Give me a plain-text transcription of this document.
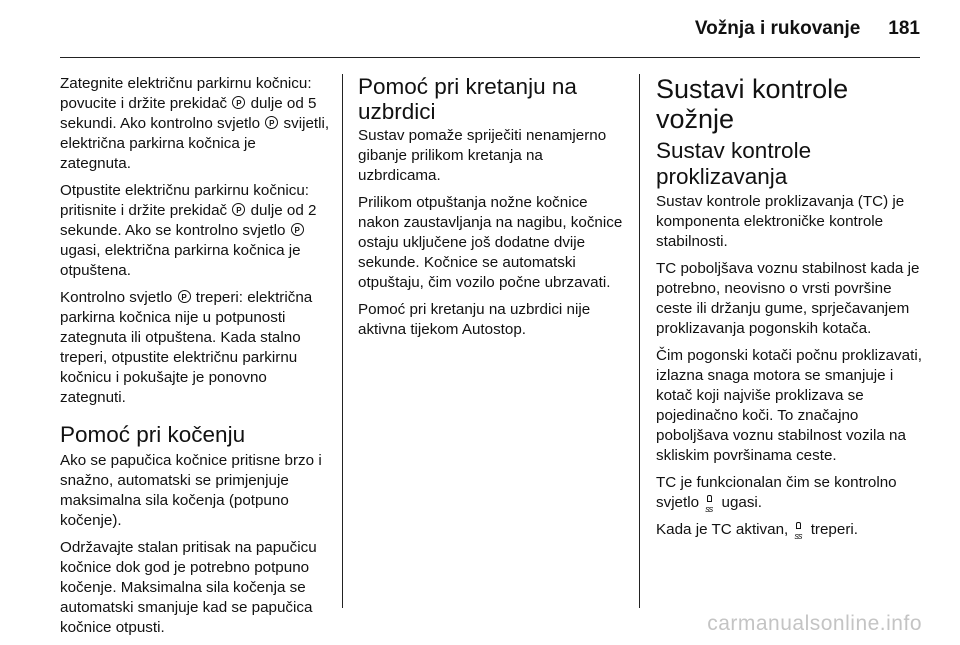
Vožnja i rukovanje 181

Zategnite električnu parkirnu kočnicu: povucite i držite prekidač P dulje od 5 sekundi. Ako kontrolno svjetlo P svijetli, električna parkirna kočnica je zategnuta.

Otpustite električnu parkirnu kočnicu: pritisnite i držite prekidač P dulje od 2 sekunde. Ako se kontrolno svjetlo P ugasi, električna parkirna kočnica je otpuštena.

Kontrolno svjetlo P treperi: električna parkirna kočnica nije u potpunosti zategnuta ili otpuštena. Kada stalno treperi, otpustite električnu parkirnu kočnicu i pokušajte je ponovno zategnuti.

Pomoć pri kočenju

Ako se papučica kočnice pritisne brzo i snažno, automatski se primjenjuje maksimalna sila kočenja (potpuno kočenje).

Održavajte stalan pritisak na papučicu kočnice dok god je potrebno potpuno kočenje. Maksimalna sila kočenja se automatski smanjuje kad se papučica kočnice otpusti.

Pomoć pri kretanju na uzbrdici

Sustav pomaže spriječiti nenamjerno gibanje prilikom kretanja na uzbrdicama.

Prilikom otpuštanja nožne kočnice nakon zaustavljanja na nagibu, kočnice ostaju uključene još dodatne dvije sekunde. Kočnice se automatski otpuštaju, čim vozilo počne ubrzavati.

Pomoć pri kretanju na uzbrdici nije aktivna tijekom Autostop.

Sustavi kontrole vožnje
Sustav kontrole proklizavanja

Sustav kontrole proklizavanja (TC) je komponenta elektroničke kontrole stabilnosti.

TC poboljšava voznu stabilnost kada je potrebno, neovisno o vrsti površine ceste ili držanju gume, sprječavanjem proklizavanja pogonskih kotača.

Čim pogonski kotači počnu proklizavati, izlazna snaga motora se smanjuje i kotač koji najviše proklizava se pojedinačno koči. To značajno poboljšava voznu stabilnost vozila na skliskim površinama ceste.

TC je funkcionalan čim se kontrolno svjetlo ss ugasi.

Kada je TC aktivan, ss treperi.

carmanualsonline.info
